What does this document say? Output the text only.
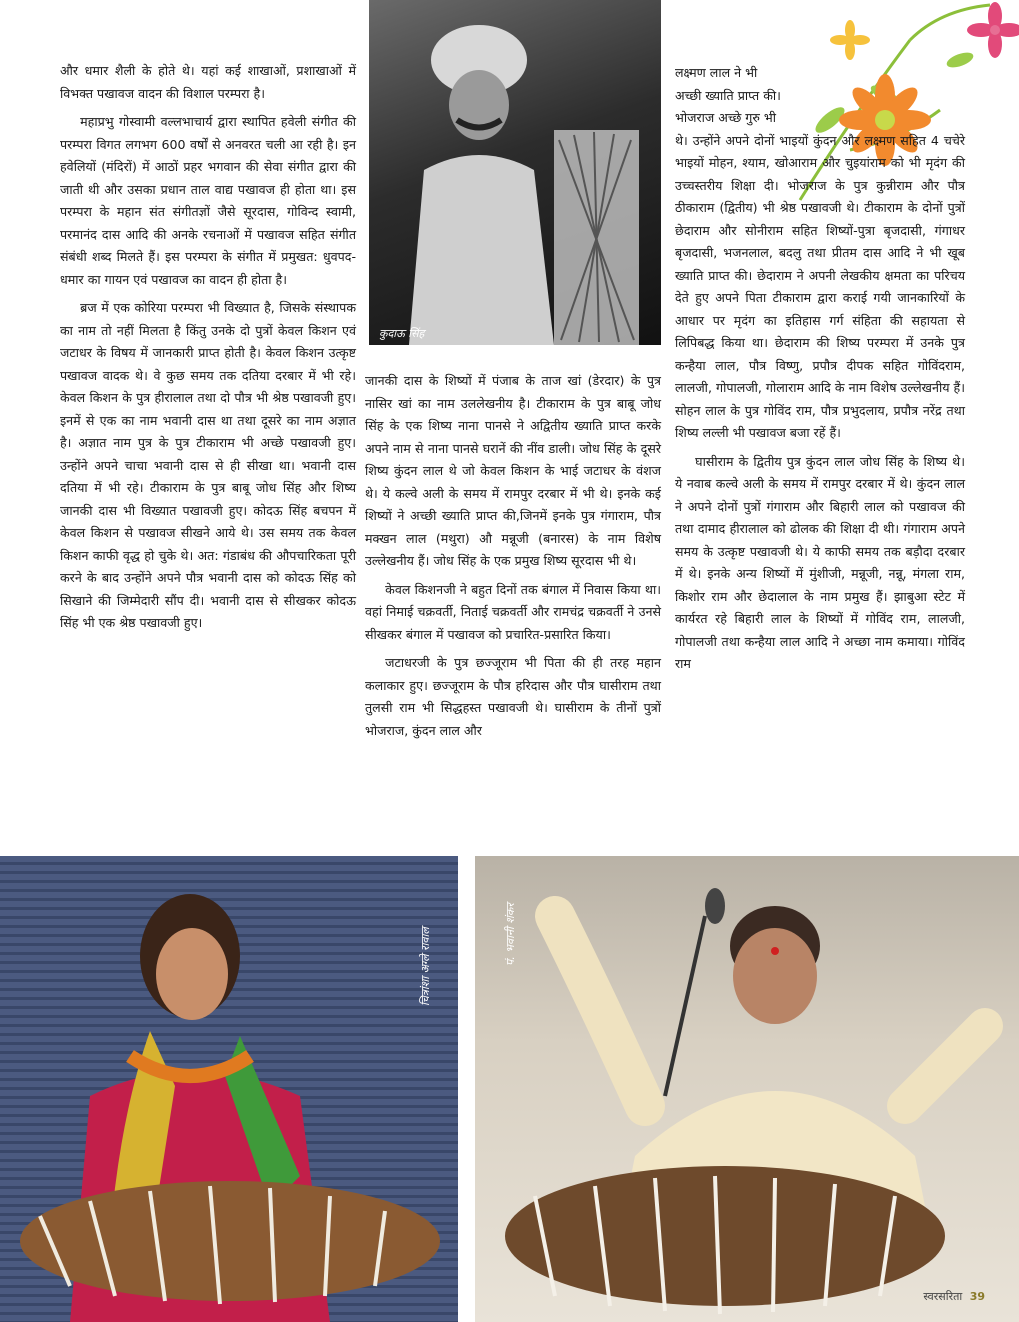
कुदाऊ सिंह

और धमार शैली के होते थे। यहां कई शाखाओं, प्रशाखाओं में विभक्त पखावज वादन की विशाल परम्परा है।

महाप्रभु गोस्वामी वल्लभाचार्य द्वारा स्थापित हवेली संगीत की परम्परा विगत लगभग 600 वर्षों से अनवरत चली आ रही है। इन हवेलियों (मंदिरों) में आठों प्रहर भगवान की सेवा संगीत द्वारा की जाती थी और उसका प्रधान ताल वाद्य पखावज ही होता था। इस परम्परा के महान संत संगीतज्ञों जैसे सूरदास, गोविन्द स्वामी, परमानंद दास आदि की अनके रचनाओं में पखावज सहित संगीत संबंधी शब्द मिलते हैं। इस परम्परा के संगीत में प्रमुखत: धुवपद-धमार का गायन एवं पखावज का वादन ही होता है।

ब्रज में एक कोरिया परम्परा भी विख्यात है, जिसके संस्थापक का नाम तो नहीं मिलता है किंतु उनके दो पुत्रों केवल किशन एवं जटाधर के विषय में जानकारी प्राप्त होती है। केवल किशन उत्कृष्ट पखावज वादक थे। वे कुछ समय तक दतिया दरबार में भी रहे। केवल किशन के पुत्र हीरालाल तथा दो पौत्र भी श्रेष्ठ पखावजी हुए। इनमें से एक का नाम भवानी दास था तथा दूसरे का नाम अज्ञात है। अज्ञात नाम पुत्र के पुत्र टीकाराम भी अच्छे पखावजी हुए। उन्होंने अपने चाचा भवानी दास से ही सीखा था। भवानी दास दतिया में भी रहे। टीकाराम के पुत्र बाबू जोध सिंह और शिष्य जानकी दास भी विख्यात पखावजी हुए। कोदऊ सिंह बचपन में केवल किशन से पखावज सीखने आये थे। उस समय तक केवल किशन काफी वृद्ध हो चुके थे। अत: गंडाबंध की औपचारिकता पूरी करने के बाद उन्होंने अपने पौत्र भवानी दास को कोदऊ सिंह को सिखाने की जिम्मेदारी सौंप दी। भवानी दास से सीखकर कोदऊ सिंह भी एक श्रेष्ठ पखावजी हुए।

जानकी दास के शिष्यों में पंजाब के ताज खां (डेरदार) के पुत्र नासिर खां का नाम उललेखनीय है। टीकाराम के पुत्र बाबू जोध सिंह के एक शिष्य नाना पानसे ने अद्वितीय ख्याति प्राप्त करके अपने नाम से नाना पानसे घरानें की नींव डाली। जोध सिंह के दूसरे शिष्य कुंदन लाल थे जो केवल किशन के भाई जटाधर के वंशज थे। ये कल्वे अली के समय में रामपुर दरबार में भी थे। इनके कई शिष्यों ने अच्छी ख्याति प्राप्त की,जिनमें इनके पुत्र गंगाराम, पौत्र मक्खन लाल (मथुरा) औ मन्नूजी (बनारस) के नाम विशेष उल्लेखनीय हैं। जोध सिंह के एक प्रमुख शिष्य सूरदास भी थे।

केवल किशनजी ने बहुत दिनों तक बंगाल में निवास किया था। वहां निमाई चक्रवर्ती, निताई चक्रवर्ती और रामचंद्र चक्रवर्ती ने उनसे सीखकर बंगाल में पखावज को प्रचारित-प्रसारित किया।

जटाधरजी के पुत्र छज्जूराम भी पिता की ही तरह महान कलाकार हुए। छज्जूराम के पौत्र हरिदास और पौत्र घासीराम तथा तुलसी राम भी सिद्धहस्त पखावजी थे। घासीराम के तीनों पुत्रों भोजराज, कुंदन लाल और

लक्ष्मण लाल ने भी
अच्छी ख्याति प्राप्त की।
भोजराज अच्छे गुरु भी

थे। उन्होंने अपने दोनों भाइयों कुंदन और लक्ष्मण सहित 4 चचेरे भाइयों मोहन, श्याम, खोआराम और चुइयांराम को भी मृदंग की उच्चस्तरीय शिक्षा दी। भोजराज के पुत्र कुन्नीराम और पौत्र ठीकाराम (द्वितीय) भी श्रेष्ठ पखावजी थे। टीकाराम के दोनों पुत्रों छेदाराम और सोनीराम सहित शिष्यों-पुत्रा बृजदासी, गंगाधर बृजदासी, भजनलाल, बदलु तथा प्रीतम दास आदि ने भी खूब ख्याति प्राप्त की। छेदाराम ने अपनी लेखकीय क्षमता का परिचय देते हुए अपने पिता टीकाराम द्वारा कराई गयी जानकारियों के आधार पर मृदंग का इतिहास गर्ग संहिता की सहायता से लिपिबद्ध किया था। छेदाराम की शिष्य परम्परा में उनके पुत्र कन्हैया लाल, पौत्र विष्णु, प्रपौत्र दीपक सहित गोविंदराम, लालजी, गोपालजी, गोलाराम आदि के नाम विशेष उल्लेखनीय हैं। सोहन लाल के पुत्र गोविंद राम, पौत्र प्रभुदलाय, प्रपौत्र नरेंद्र तथा शिष्य लल्ली भी पखावज बजा रहें हैं।

घासीराम के द्वितीय पुत्र कुंदन लाल जोध सिंह के शिष्य थे। ये नवाब कल्वे अली के समय में रामपुर दरबार में थे। कुंदन लाल ने अपने दोनों पुत्रों गंगाराम और बिहारी लाल को पखावज की तथा दामाद हीरालाल को ढोलक की शिक्षा दी थी। गंगाराम अपने समय के उत्कृष्ट पखावजी थे। ये काफी समय तक बड़ौदा दरबार में थे। इनके अन्य शिष्यों में मुंशीजी, मन्नूजी, नन्नू, मंगला राम, किशोर राम और छेदालाल के नाम प्रमुख हैं। झाबुआ स्टेट में कार्यरत रहे बिहारी लाल के शिष्यों में गोविंद राम, लालजी, गोपालजी तथा कन्हैया लाल आदि ने अच्छा नाम कमाया। गोविंद राम

चित्रांशा अग्ले रावाल	पं. भवानी शंकर
स्वरसरिता 39
